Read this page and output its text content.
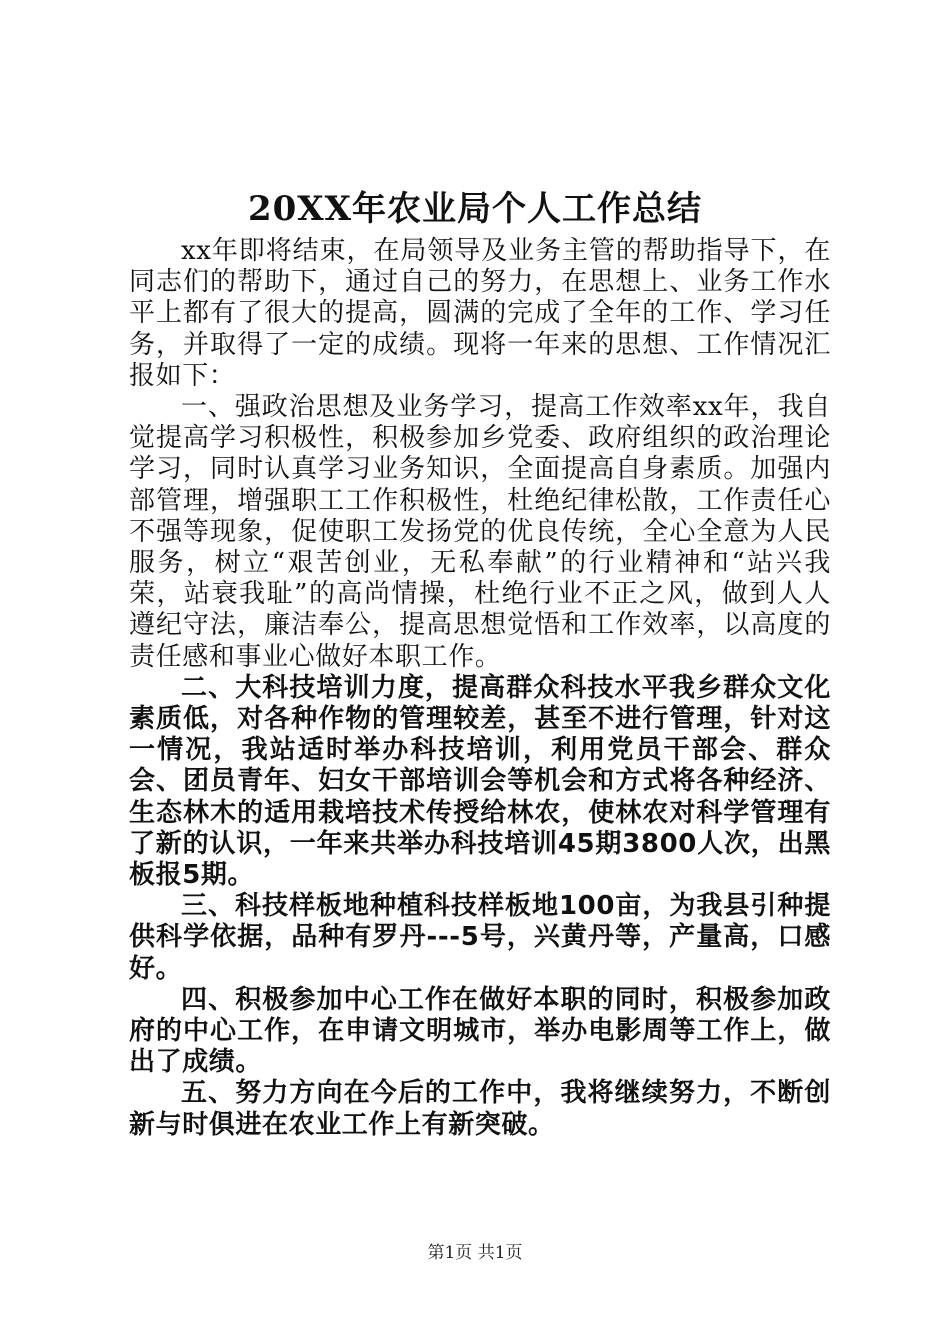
20XX年农业局个人工作总结

xx年即将结束，在局领导及业务主管的帮助指导下，在同志们的帮助下，通过自己的努力，在思想上、业务工作水平上都有了很大的提高，圆满的完成了全年的工作、学习任务，并取得了一定的成绩。现将一年来的思想、工作情况汇报如下：

一、强政治思想及业务学习，提高工作效率xx年，我自觉提高学习积极性，积极参加乡党委、政府组织的政治理论学习，同时认真学习业务知识，全面提高自身素质。加强内部管理，增强职工工作积极性，杜绝纪律松散，工作责任心不强等现象，促使职工发扬党的优良传统，全心全意为人民服务，树立“艰苦创业，无私奉献”的行业精神和“站兴我荣，站衰我耻”的高尚情操，杜绝行业不正之风，做到人人遵纪守法，廉洁奉公，提高思想觉悟和工作效率，以高度的责任感和事业心做好本职工作。

二、大科技培训力度，提高群众科技水平我乡群众文化素质低，对各种作物的管理较差，甚至不进行管理，针对这一情况，我站适时举办科技培训，利用党员干部会、群众会、团员青年、妇女干部培训会等机会和方式将各种经济、生态林木的适用栽培技术传授给林农，使林农对科学管理有了新的认识，一年来共举办科技培训45期3800人次，出黑板报5期。

三、科技样板地种植科技样板地100亩，为我县引种提供科学依据，品种有罗丹---5号，兴黄丹等，产量高，口感好。

四、积极参加中心工作在做好本职的同时，积极参加政府的中心工作，在申请文明城市，举办电影周等工作上，做出了成绩。

五、努力方向在今后的工作中，我将继续努力，不断创新与时俱进在农业工作上有新突破。

第1页 共1页
